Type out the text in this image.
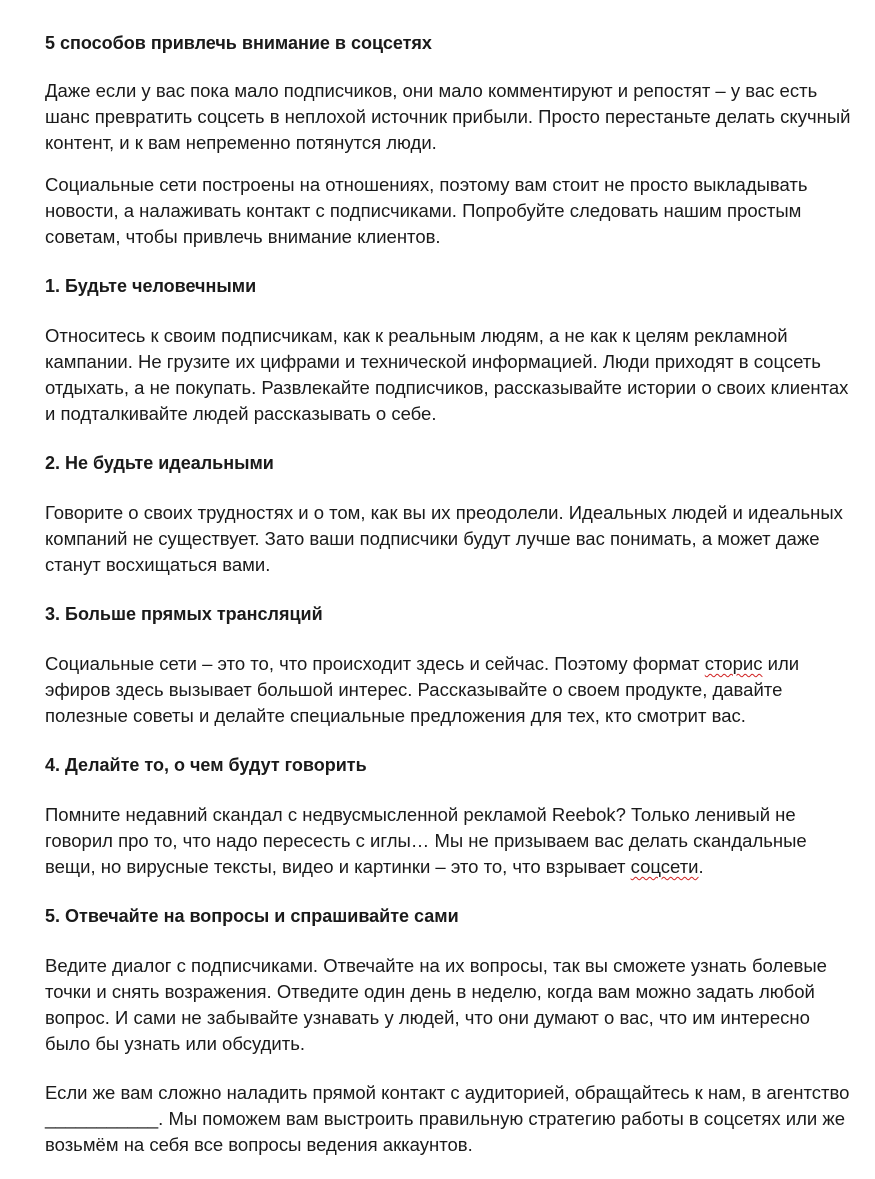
5 способов привлечь внимание в соцсетях

Даже если у вас пока мало подписчиков, они мало комментируют и репостят – у вас есть шанс превратить соцсеть в неплохой источник прибыли. Просто перестаньте делать скучный контент, и к вам непременно потянутся люди.

Социальные сети построены на отношениях, поэтому вам стоит не просто выкладывать новости, а налаживать контакт с подписчиками. Попробуйте следовать нашим простым советам, чтобы привлечь внимание клиентов.

1. Будьте человечными

Относитесь к своим подписчикам, как к реальным людям, а не как к целям рекламной кампании. Не грузите их цифрами и технической информацией. Люди приходят в соцсеть отдыхать, а не покупать. Развлекайте подписчиков, рассказывайте истории о своих клиентах и подталкивайте людей рассказывать о себе.

2. Не будьте идеальными

Говорите о своих трудностях и о том, как вы их преодолели. Идеальных людей и идеальных компаний не существует. Зато ваши подписчики будут лучше вас понимать, а может даже станут восхищаться вами.

3. Больше прямых трансляций

Социальные сети – это то, что происходит здесь и сейчас. Поэтому формат сторис или эфиров здесь вызывает большой интерес. Рассказывайте о своем продукте, давайте полезные советы и делайте специальные предложения для тех, кто смотрит вас.

4. Делайте то, о чем будут говорить

Помните недавний скандал с недвусмысленной рекламой Reebok? Только ленивый не говорил про то, что надо пересесть с иглы… Мы не призываем вас делать скандальные вещи, но вирусные тексты, видео и картинки – это то, что взрывает соцсети.

5. Отвечайте на вопросы и спрашивайте сами

Ведите диалог с подписчиками. Отвечайте на их вопросы, так вы сможете узнать болевые точки и снять возражения. Отведите один день в неделю, когда вам можно задать любой вопрос. И сами не забывайте узнавать у людей, что они думают о вас, что им интересно было бы узнать или обсудить.

Если же вам сложно наладить прямой контакт с аудиторией, обращайтесь к нам, в агентство ___________. Мы поможем вам выстроить правильную стратегию работы в соцсетях или же возьмём на себя все вопросы ведения аккаунтов.
